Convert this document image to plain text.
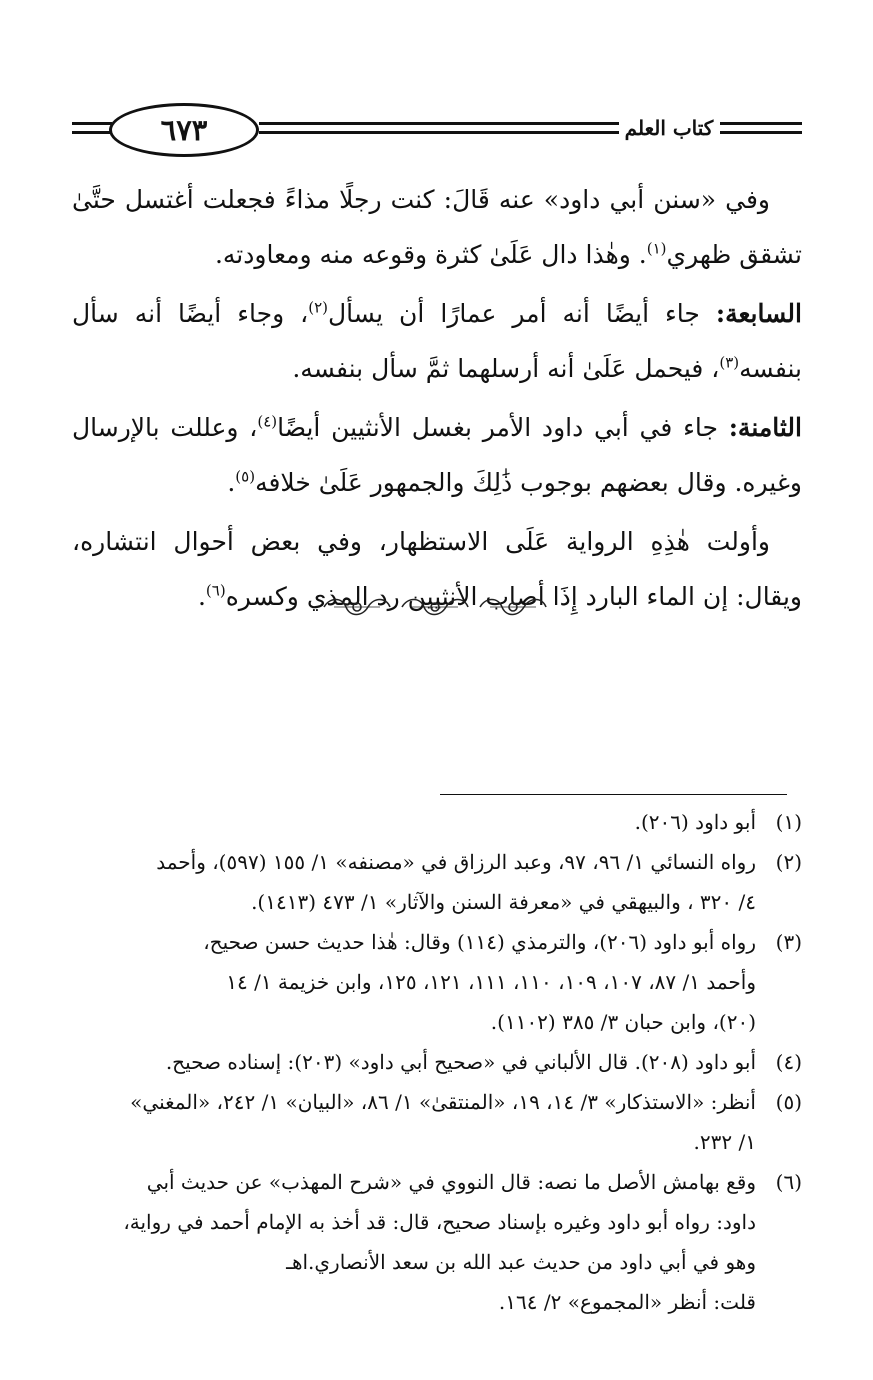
٦٧٣	كتاب العلم

وفي «سنن أبي داود» عنه قَالَ: كنت رجلًا مذاءً فجعلت أغتسل حتَّىٰ تشقق ظهري$^{(١)}$. وهٰذا دال عَلَىٰ كثرة وقوعه منه ومعاودته.

السابعة: جاء أيضًا أنه أمر عمارًا أن يسأل$^{(٢)}$، وجاء أيضًا أنه سأل بنفسه$^{(٣)}$، فيحمل عَلَىٰ أنه أرسلهما ثمَّ سأل بنفسه.

الثامنة: جاء في أبي داود الأمر بغسل الأنثيين أيضًا$^{(٤)}$، وعللت بالإرسال وغيره. وقال بعضهم بوجوب ذَٰلِكَ والجمهور عَلَىٰ خلافه$^{(٥)}$.

وأولت هٰذِهِ الرواية عَلَى الاستظهار، وفي بعض أحوال انتشاره، ويقال: إن الماء البارد إِذَا أصاب الأنثيين رد المذي وكسره$^{(٦)}$.

(١)
أبو داود (٢٠٦).
(٢)
رواه النسائي ١/ ٩٦، ٩٧، وعبد الرزاق في «مصنفه» ١/ ١٥٥ (٥٩٧)، وأحمد
٤/ ٣٢٠ ، والبيهقي في «معرفة السنن والآثار» ١/ ٤٧٣ (١٤١٣).
(٣)
رواه أبو داود (٢٠٦)، والترمذي (١١٤) وقال: هٰذا حديث حسن صحيح،
وأحمد ١/ ٨٧، ١٠٧، ١٠٩، ١١٠، ١١١، ١٢١، ١٢٥، وابن خزيمة ١/ ١٤
(٢٠)، وابن حبان ٣/ ٣٨٥ (١١٠٢).
(٤)
أبو داود (٢٠٨). قال الألباني في «صحيح أبي داود» (٢٠٣): إسناده صحيح.
(٥)
أنظر: «الاستذكار» ٣/ ١٤، ١٩، «المنتقىٰ» ١/ ٨٦، «البيان» ١/ ٢٤٢، «المغني»
١/ ٢٣٢.
(٦)
وقع بهامش الأصل ما نصه: قال النووي في «شرح المهذب» عن حديث أبي
داود: رواه أبو داود وغيره بإسناد صحيح، قال: قد أخذ به الإمام أحمد في رواية،
وهو في أبي داود من حديث عبد الله بن سعد الأنصاري.اهـ
قلت: أنظر «المجموع» ٢/ ١٦٤.
